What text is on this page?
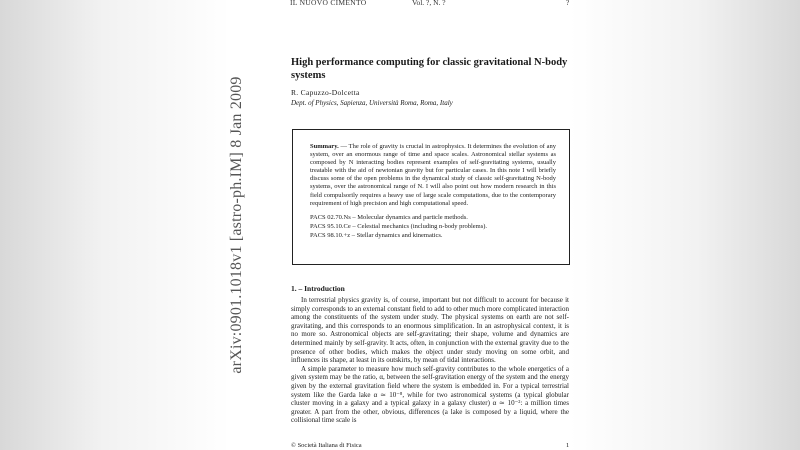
arXiv:0901.1018v1 [astro-ph.IM] 8 Jan 2009
IL NUOVO CIMENTO	Vol. ?, N. ?	?
High performance computing for classic gravitational N-body systems
R. Capuzzo-Dolcetta
Dept. of Physics, Sapienza, Università Roma, Roma, Italy
Summary. — The role of gravity is crucial in astrophysics. It determines the evolution of any system, over an enormous range of time and space scales. Astronomical stellar systems as composed by N interacting bodies represent examples of self-gravitating systems, usually treatable with the aid of newtonian gravity but for particular cases. In this note I will briefly discuss some of the open problems in the dynamical study of classic self-gravitating N-body systems, over the astronomical range of N. I will also point out how modern research in this field compulsorily requires a heavy use of large scale computations, due to the contemporary requirement of high precision and high computational speed.
PACS 02.70.Ns – Molecular dynamics and particle methods.
PACS 95.10.Ce – Celestial mechanics (including n-body problems).
PACS 98.10.+z – Stellar dynamics and kinematics.
1. – Introduction

In terrestrial physics gravity is, of course, important but not difficult to account for because it simply corresponds to an external constant field to add to other much more complicated interaction among the constituents of the system under study. The physical systems on earth are not self-gravitating, and this corresponds to an enormous simplification. In an astrophysical context, it is no more so. Astronomical objects are self-gravitating; their shape, volume and dynamics are determined mainly by self-gravity. It acts, often, in conjunction with the external gravity due to the presence of other bodies, which makes the object under study moving on some orbit, and influences its shape, at least in its outskirts, by mean of tidal interactions.

A simple parameter to measure how much self-gravity contributes to the whole energetics of a given system may be the ratio, α, between the self-gravitation energy of the system and the energy given by the external gravitation field where the system is embedded in. For a typical terrestrial system like the Garda lake α ≃ 10⁻⁸, while for two astronomical systems (a typical globular cluster moving in a galaxy and a typical galaxy in a galaxy cluster) α ≃ 10⁻²: a million times greater. A part from the other, obvious, differences (a lake is composed by a liquid, where the collisional time scale is

© Società Italiana di Fisica	1
